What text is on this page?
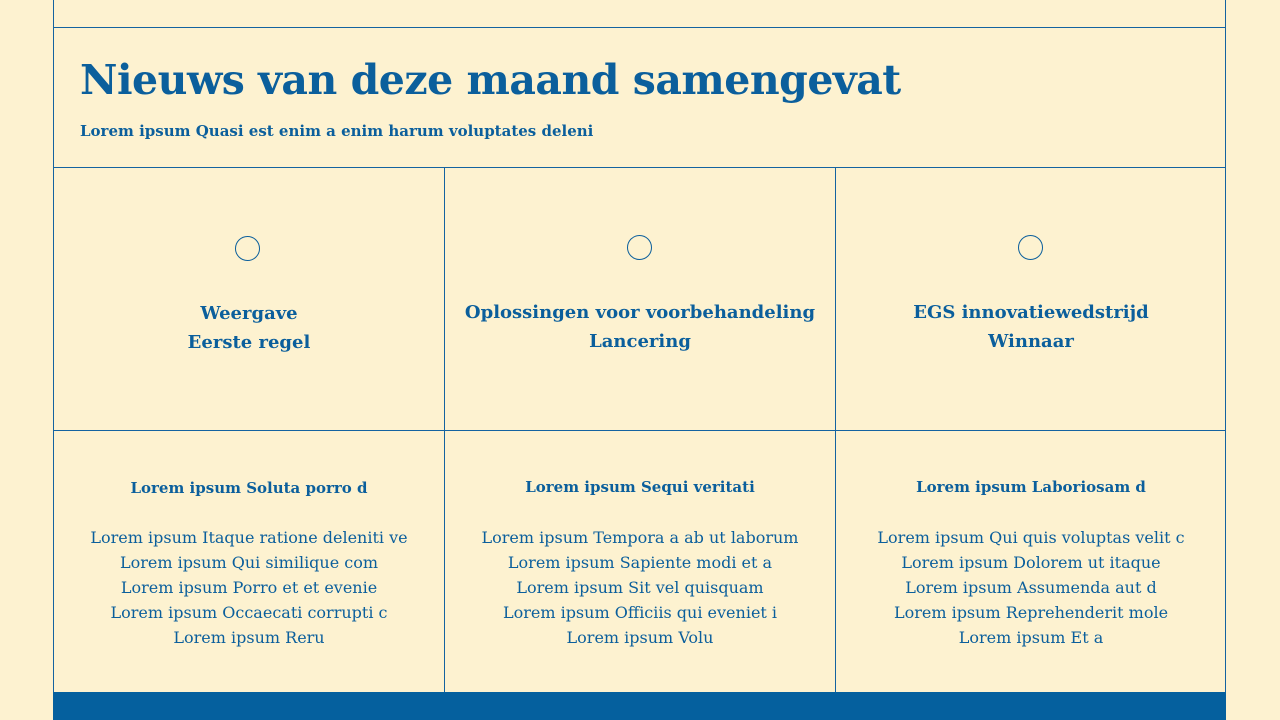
Nieuws van deze maand samengevat

Lorem ipsum Quasi est enim a enim harum voluptates deleni

Weergave
Eerste regel
Oplossingen voor voorbehandeling
Lancering
EGS innovatiewedstrijd
Winnaar
Lorem ipsum Soluta porro d
Lorem ipsum Itaque ratione deleniti ve
Lorem ipsum Qui similique com
Lorem ipsum Porro et et evenie
Lorem ipsum Occaecati corrupti c
Lorem ipsum Reru
Lorem ipsum Sequi veritati
Lorem ipsum Tempora a ab ut laborum
Lorem ipsum Sapiente modi et a
Lorem ipsum Sit vel quisquam
Lorem ipsum Officiis qui eveniet i
Lorem ipsum Volu
Lorem ipsum Laboriosam d
Lorem ipsum Qui quis voluptas velit c
Lorem ipsum Dolorem ut itaque
Lorem ipsum Assumenda aut d
Lorem ipsum Reprehenderit mole
Lorem ipsum Et a
